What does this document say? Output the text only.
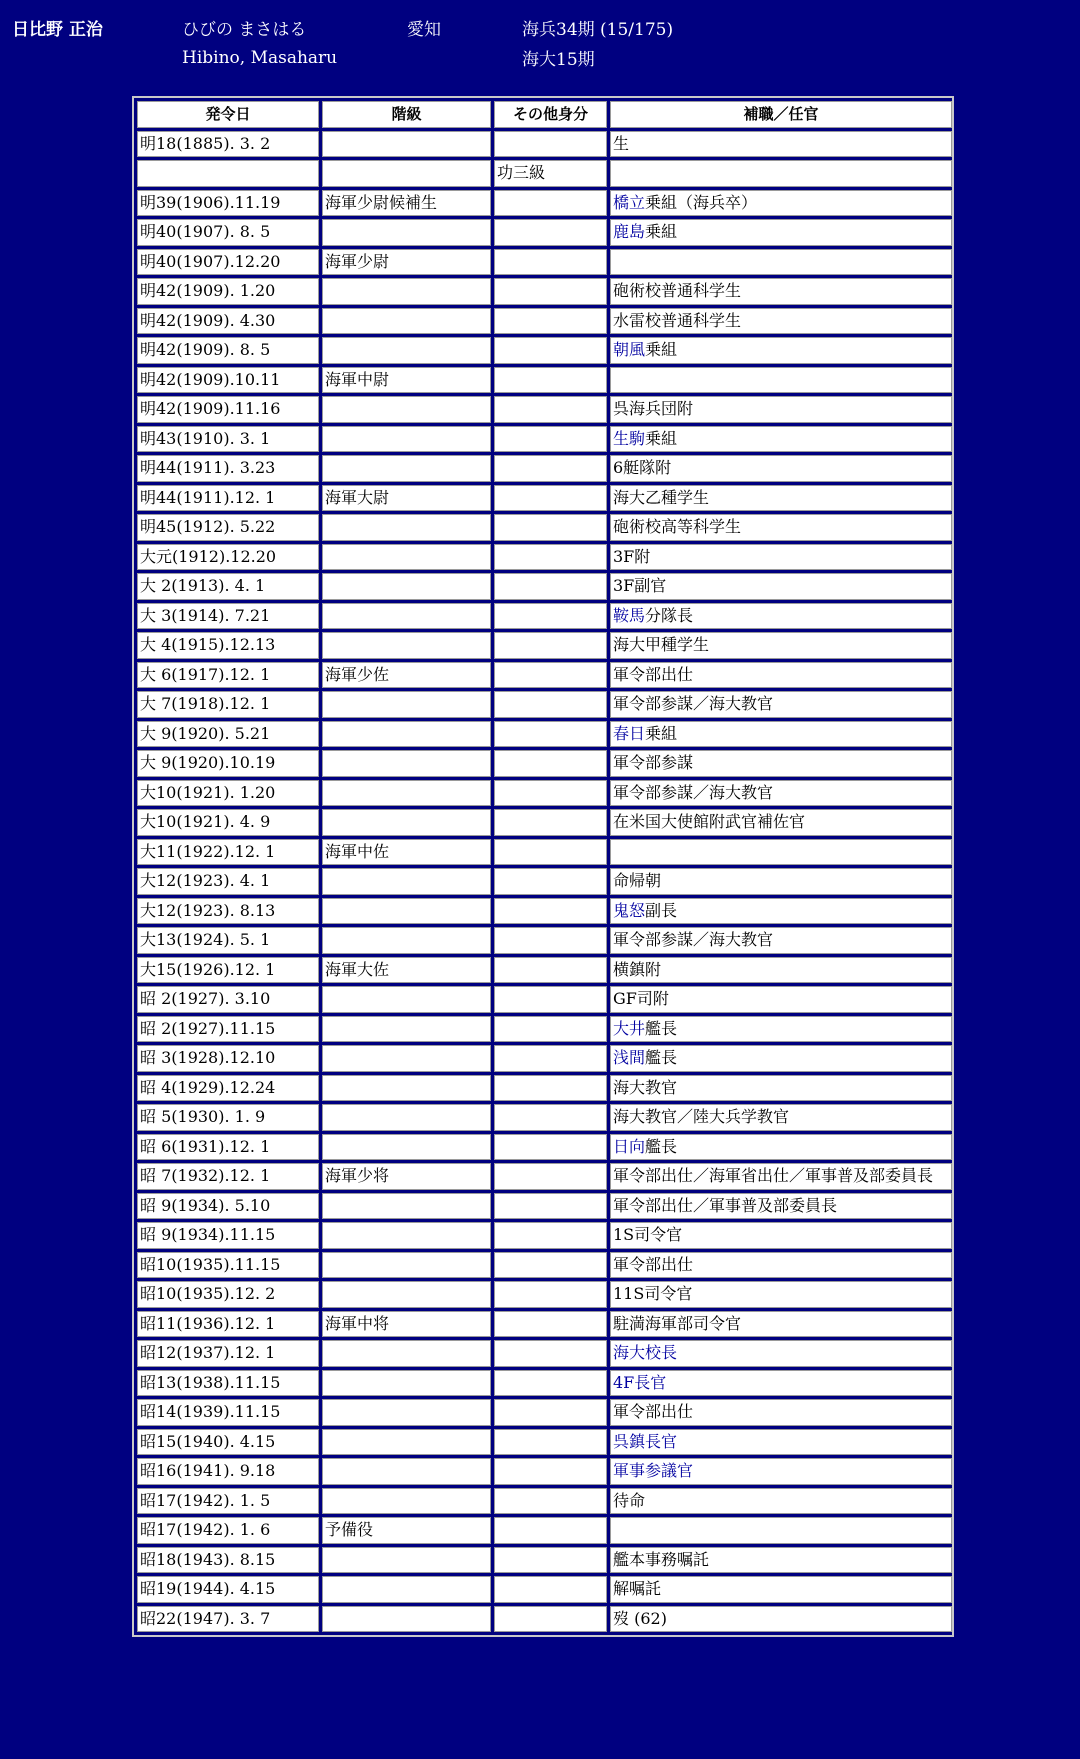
日比野 正治	ひびの まさはる
Hibino, Masaharu
愛知	海兵34期 (15/175)
海大15期
発令日	階級	その他身分	補職／任官
明18(1885). 3. 2			生
		功三級	
明39(1906).11.19	海軍少尉候補生		橋立乗組（海兵卒）
明40(1907). 8. 5			鹿島乗組
明40(1907).12.20	海軍少尉		
明42(1909). 1.20			砲術校普通科学生
明42(1909). 4.30			水雷校普通科学生
明42(1909). 8. 5			朝風乗組
明42(1909).10.11	海軍中尉		
明42(1909).11.16			呉海兵団附
明43(1910). 3. 1			生駒乗組
明44(1911). 3.23			6艇隊附
明44(1911).12. 1	海軍大尉		海大乙種学生
明45(1912). 5.22			砲術校高等科学生
大元(1912).12.20			3F附
大 2(1913). 4. 1			3F副官
大 3(1914). 7.21			鞍馬分隊長
大 4(1915).12.13			海大甲種学生
大 6(1917).12. 1	海軍少佐		軍令部出仕
大 7(1918).12. 1			軍令部参謀／海大教官
大 9(1920). 5.21			春日乗組
大 9(1920).10.19			軍令部参謀
大10(1921). 1.20			軍令部参謀／海大教官
大10(1921). 4. 9			在米国大使館附武官補佐官
大11(1922).12. 1	海軍中佐		
大12(1923). 4. 1			命帰朝
大12(1923). 8.13			鬼怒副長
大13(1924). 5. 1			軍令部参謀／海大教官
大15(1926).12. 1	海軍大佐		横鎮附
昭 2(1927). 3.10			GF司附
昭 2(1927).11.15			大井艦長
昭 3(1928).12.10			浅間艦長
昭 4(1929).12.24			海大教官
昭 5(1930). 1. 9			海大教官／陸大兵学教官
昭 6(1931).12. 1			日向艦長
昭 7(1932).12. 1	海軍少将		軍令部出仕／海軍省出仕／軍事普及部委員長
昭 9(1934). 5.10			軍令部出仕／軍事普及部委員長
昭 9(1934).11.15			1S司令官
昭10(1935).11.15			軍令部出仕
昭10(1935).12. 2			11S司令官
昭11(1936).12. 1	海軍中将		駐満海軍部司令官
昭12(1937).12. 1			海大校長
昭13(1938).11.15			4F長官
昭14(1939).11.15			軍令部出仕
昭15(1940). 4.15			呉鎮長官
昭16(1941). 9.18			軍事参議官
昭17(1942). 1. 5			待命
昭17(1942). 1. 6	予備役		
昭18(1943). 8.15			艦本事務嘱託
昭19(1944). 4.15			解嘱託
昭22(1947). 3. 7			歿 (62)
